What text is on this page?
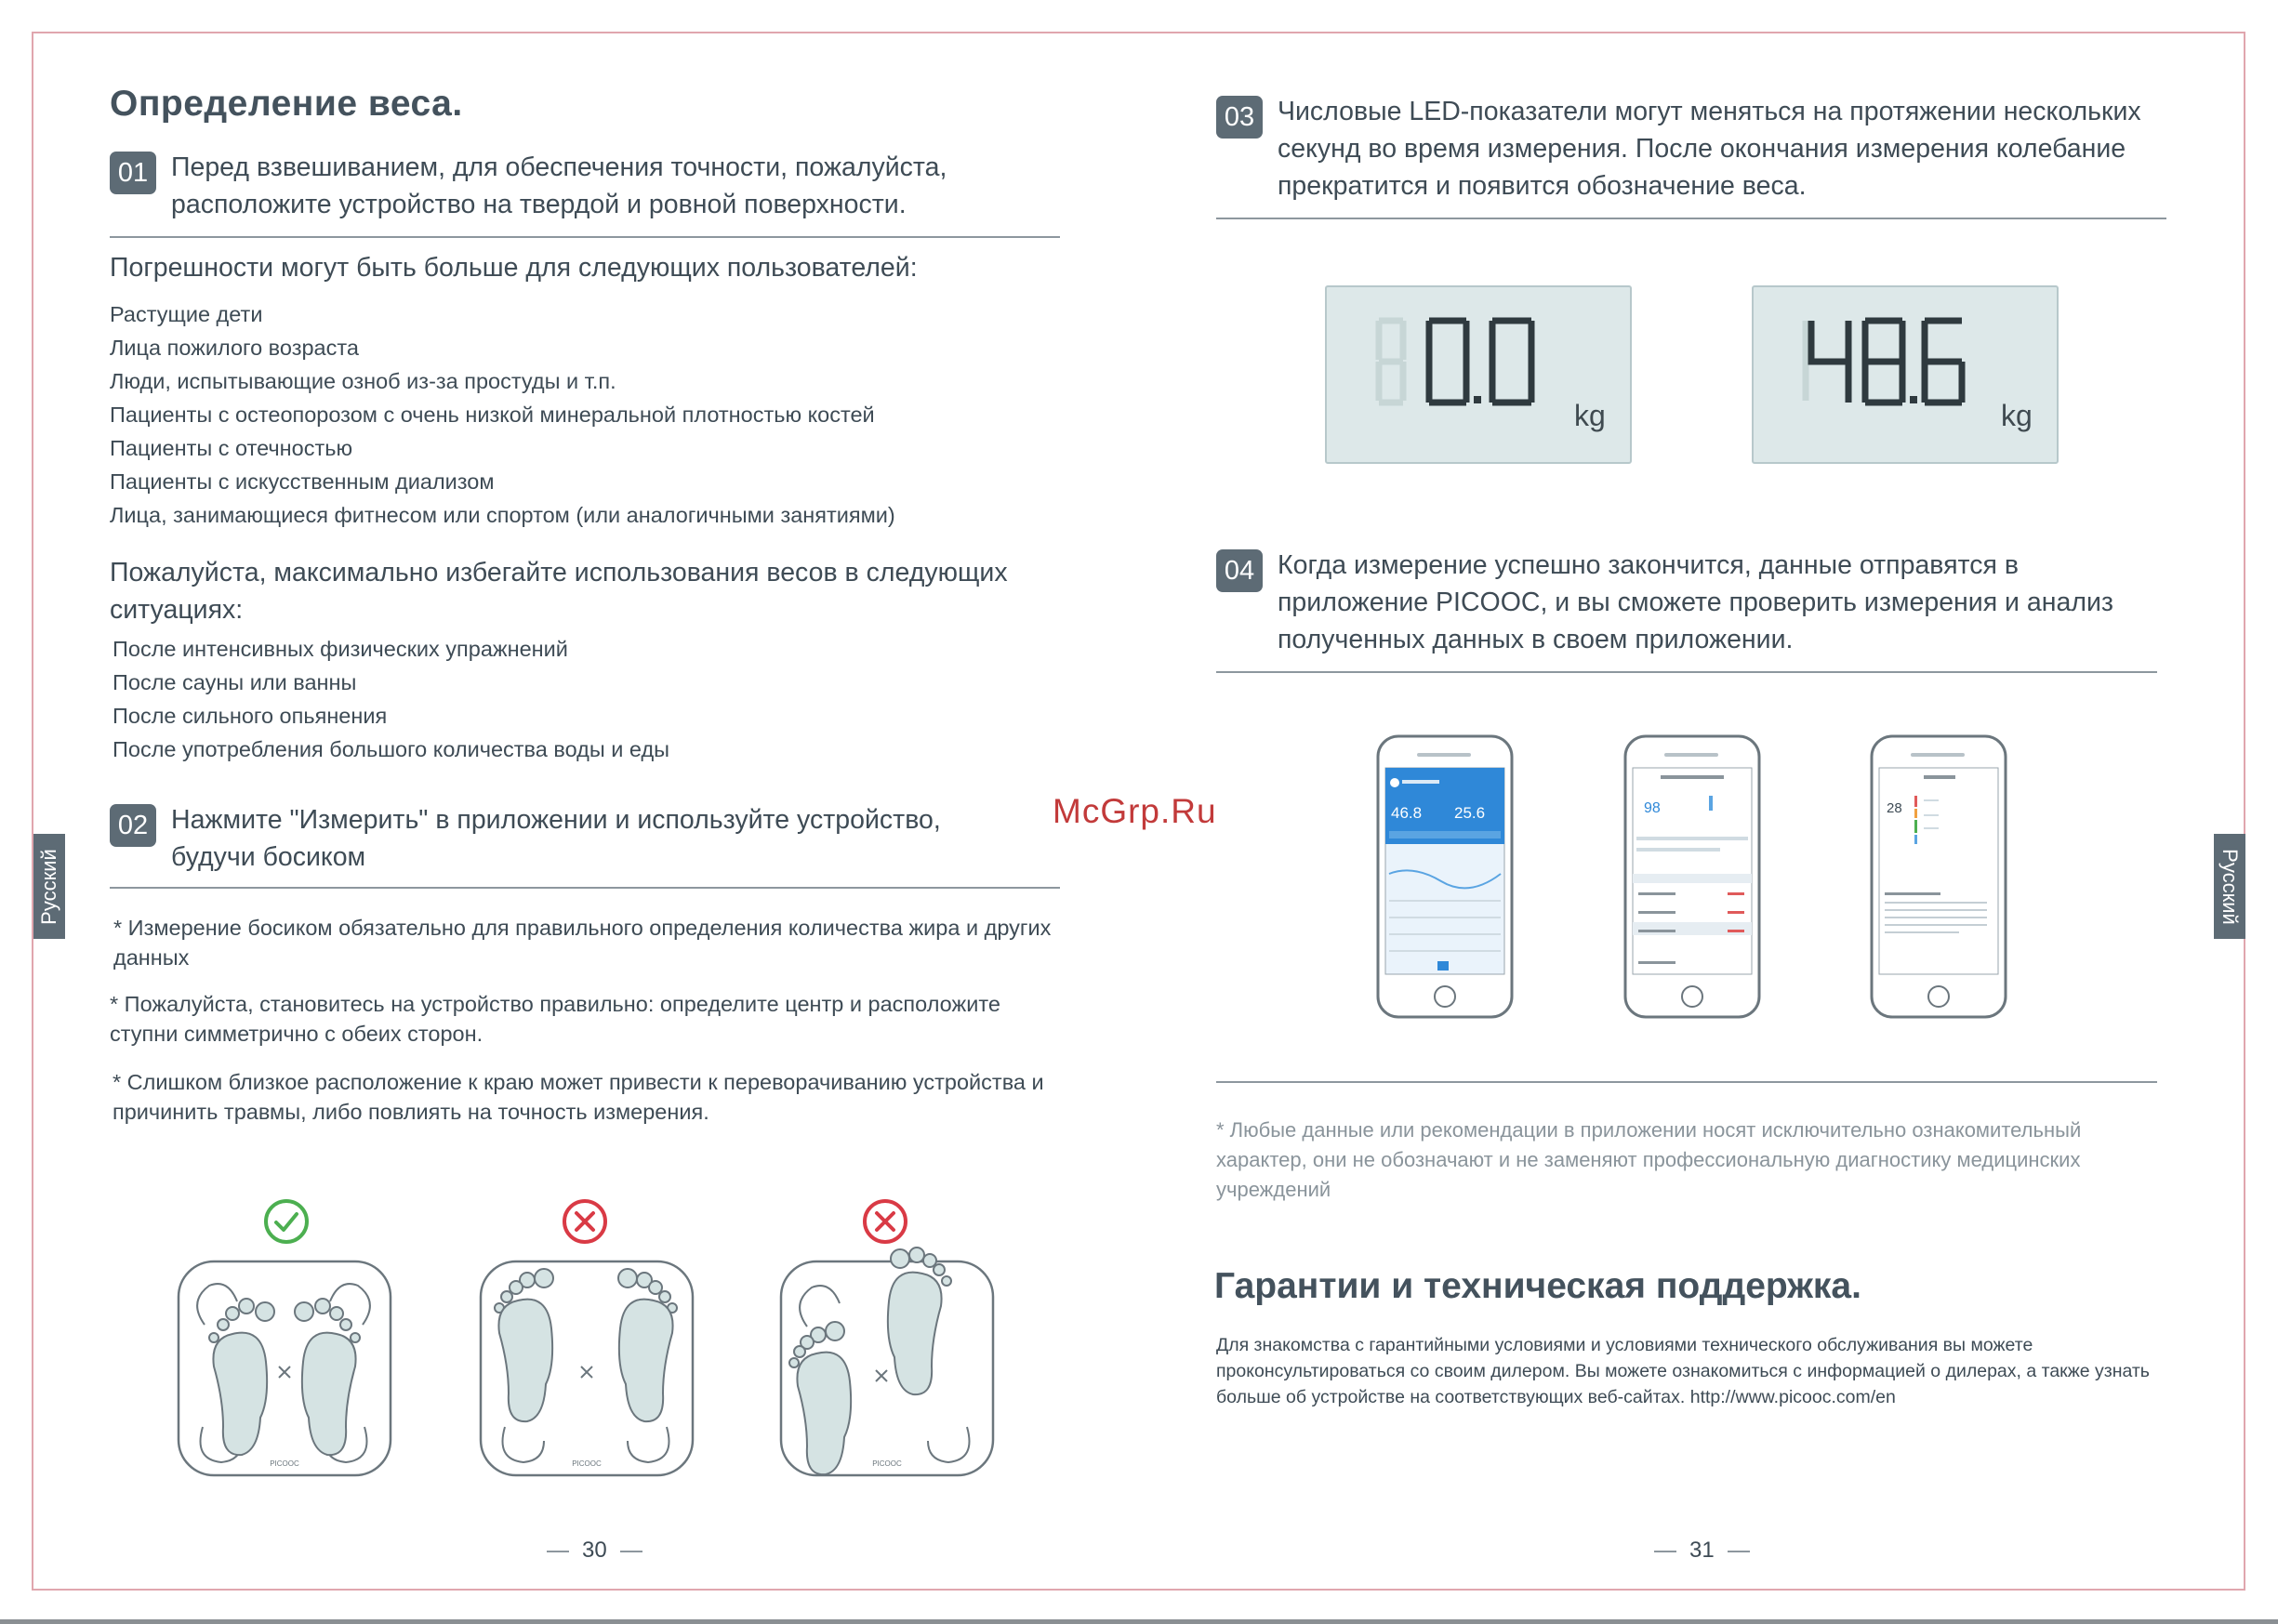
Определение веса.
01 Перед взвешиванием, для обеспечения точности, пожалуйста, расположите устройство на твердой и ровной поверхности.
Погрешности могут быть больше для следующих пользователей:
Растущие дети
Лица пожилого возраста
Люди, испытывающие озноб из-за простуды и т.п.
Пациенты с остеопорозом с очень низкой минеральной плотностью костей
Пациенты с отечностью
Пациенты с искусственным диализом
Лица, занимающиеся фитнесом или спортом (или аналогичными занятиями)
Пожалуйста, максимально избегайте использования весов в следующих ситуациях:
После интенсивных физических упражнений
После сауны или ванны
После сильного опьянения
После употребления большого количества воды и еды
02 Нажмите "Измерить" в приложении и используйте устройство, будучи босиком
* Измерение босиком обязательно для правильного определения количества жира и других данных
* Пожалуйста, становитесь на устройство правильно: определите центр и расположите ступни симметрично с обеих сторон.
* Слишком близкое расположение к краю может привести к переворачиванию устройства и причинить травмы, либо повлиять на точность измерения.
PICOOC	PICOOC	PICOOC
30
Русский
03 Числовые LED-показатели могут меняться на протяжении нескольких секунд во время измерения. После окончания измерения колебание прекратится и появится обозначение веса.
kg	kg
04 Когда измерение успешно закончится, данные отправятся в приложение PICOOC, и вы сможете проверить измерения и анализ полученных данных в своем приложении.
46.8 25.6	98	28
* Любые данные или рекомендации в приложении носят исключительно ознакомительный характер, они не обозначают и не заменяют профессиональную диагностику медицинских учреждений
Гарантии и техническая поддержка.
Для знакомства с гарантийными условиями и условиями технического обслуживания вы можете проконсультироваться со своим дилером. Вы можете ознакомиться с информацией о дилерах, а также узнать больше об устройстве на соответствующих веб-сайтах. http://www.picooc.com/en
31
Русский
McGrp.Ru
